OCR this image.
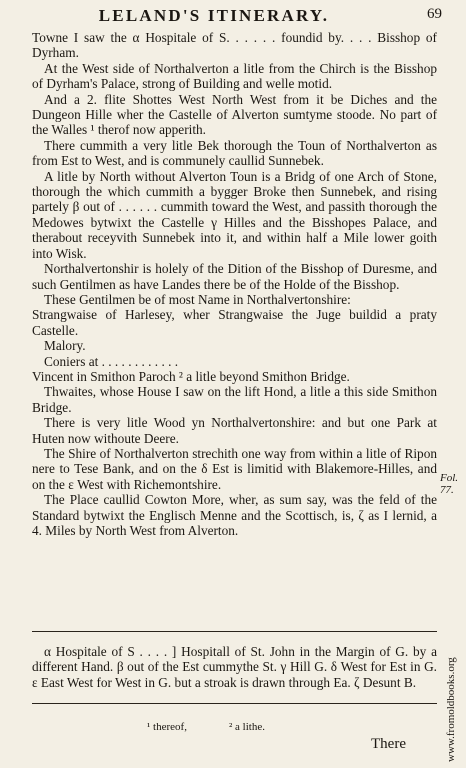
LELAND'S ITINERARY.	69

Towne I saw the α Hospitale of S. . . . . . foundid by. . . . Bisshop of Dyrham.

At the West side of Northalverton a litle from the Chirch is the Bisshop of Dyrham's Palace, strong of Building and welle motid.

And a 2. flite Shottes West North West from it be Diches and the Dungeon Hille wher the Castelle of Alverton sumtyme stoode. No part of the Walles ¹ therof now apperith.

There cummith a very litle Bek thorough the Toun of Northalverton as from Est to West, and is communely caullid Sunnebek.

A litle by North without Alverton Toun is a Bridg of one Arch of Stone, thorough the which cummith a bygger Broke then Sunnebek, and rising partely β out of . . . . . . cummith toward the West, and passith thorough the Medowes bytwixt the Castelle γ Hilles and the Bisshopes Palace, and therabout receyvith Sunnebek into it, and within half a Mile lower goith into Wisk.

Northalvertonshir is holely of the Dition of the Bisshop of Duresme, and such Gentilmen as have Landes there be of the Holde of the Bisshop.

These Gentilmen be of most Name in Northalvertonshire:

Strangwaise of Harlesey, wher Strangwaise the Juge buildid a praty Castelle.

Malory.

Coniers at . . . . . . . . . . . .

Vincent in Smithon Paroch ² a litle beyond Smithon Bridge.

Thwaites, whose House I saw on the lift Hond, a litle a this side Smithon Bridge.

There is very litle Wood yn Northalvertonshire: and but one Park at Huten now withoute Deere.

The Shire of Northalverton strechith one way from within a litle of Ripon nere to Tese Bank, and on the δ Est is limitid with Blakemore-Hilles, and on the ε West with Richemontshire.

The Place caullid Cowton More, wher, as sum say, was the feld of the Standard bytwixt the Englisch Menne and the Scottisch, is, ζ as I lernid, a 4. Miles by North West from Alverton.

Fol. 77.

α Hospitale of S . . . . ] Hospitall of St. John in the Margin of G. by a different Hand. β out of the Est cummythe St. γ Hill G. δ West for Est in G. ε East West for West in G. but a stroak is drawn through Ea. ζ Desunt B.

¹ thereof,	² a lithe.
There	www.fromoldbooks.org
